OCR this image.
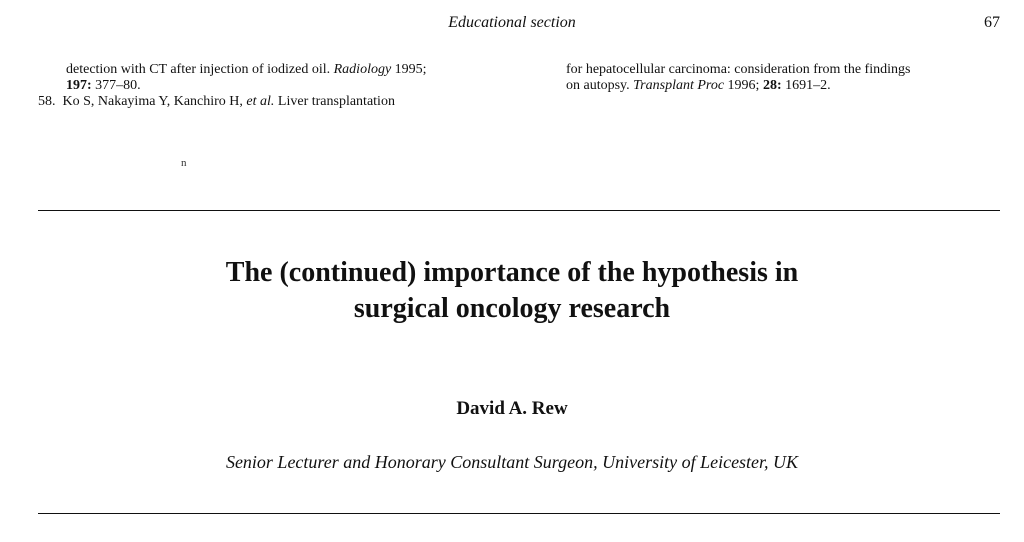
Educational section	67
detection with CT after injection of iodized oil. Radiology 1995;
197: 377–80.
58. Ko S, Nakayima Y, Kanchiro H, et al. Liver transplantation
for hepatocellular carcinoma: consideration from the findings
on autopsy. Transplant Proc 1996; 28: 1691–2.
n
The (continued) importance of the hypothesis in
surgical oncology research
David A. Rew
Senior Lecturer and Honorary Consultant Surgeon, University of Leicester, UK
